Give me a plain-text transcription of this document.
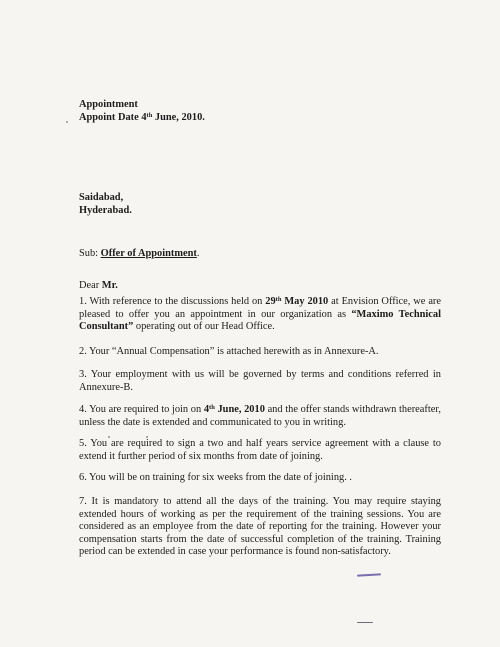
Appointment
Appoint Date 4th June, 2010.
Saidabad,
Hyderabad.
Sub: Offer of Appointment.
Dear Mr.
1. With reference to the discussions held on 29th May 2010 at Envision Office, we are pleased to offer you an appointment in our organization as “Maximo Technical Consultant” operating out of our Head Office.
2. Your “Annual Compensation” is attached herewith as in Annexure-A.
3. Your employment with us will be governed by terms and conditions referred in Annexure-B.
4. You are required to join on 4th June, 2010 and the offer stands withdrawn thereafter, unless the date is extended and communicated to you in writing.
5. You are required to sign a two and half years service agreement with a clause to extend it further period of six months from date of joining.
6. You will be on training for six weeks from the date of joining. .
7. It is mandatory to attend all the days of the training. You may require staying extended hours of working as per the requirement of the training sessions. You are considered as an employee from the date of reporting for the training. However your compensation starts from the date of successful completion of the training. Training period can be extended in case your performance is found non-satisfactory.
